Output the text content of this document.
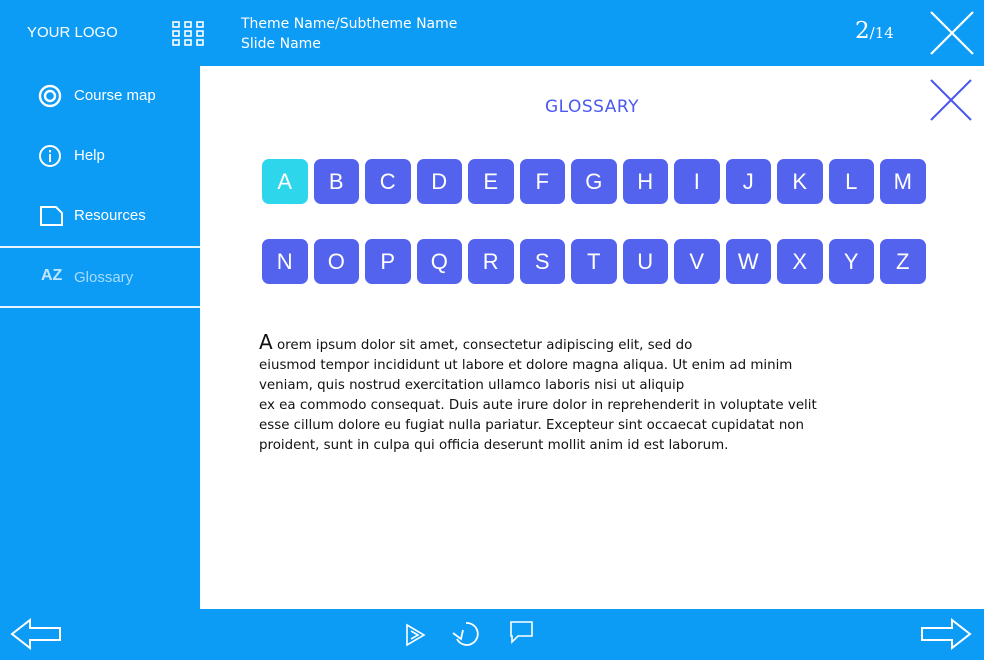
YOUR LOGO	Theme Name/Subtheme Name
Slide Name	2/14
Course map
Help
Resources
AZ Glossary
GLOSSARY
A	B	C	D	E	F	G	H	I	J	K	L	M
N	O	P	Q	R	S	T	U	V	W	X	Y	Z
A orem ipsum dolor sit amet, consectetur adipiscing elit, sed do
eiusmod tempor incididunt ut labore et dolore magna aliqua. Ut enim ad minim
veniam, quis nostrud exercitation ullamco laboris nisi ut aliquip
ex ea commodo consequat. Duis aute irure dolor in reprehenderit in voluptate velit
esse cillum dolore eu fugiat nulla pariatur. Excepteur sint occaecat cupidatat non
proident, sunt in culpa qui officia deserunt mollit anim id est laborum.
